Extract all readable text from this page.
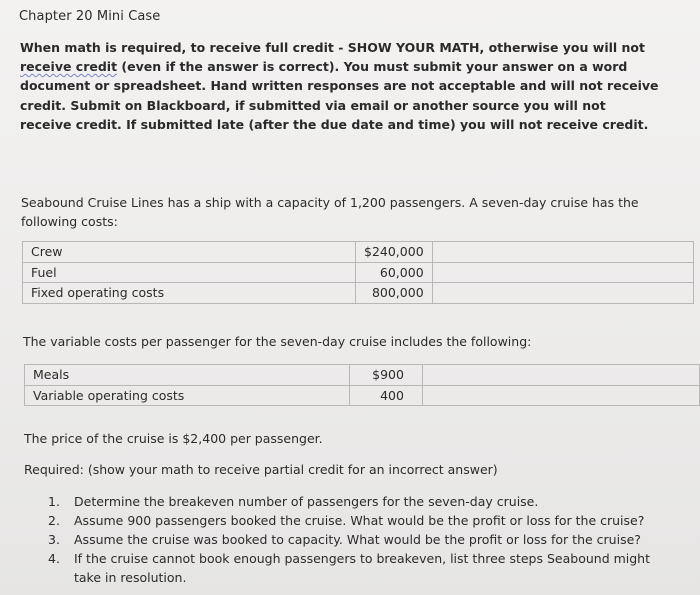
Chapter 20 Mini Case
When math is required, to receive full credit - SHOW YOUR MATH, otherwise you will not receive credit (even if the answer is correct). You must submit your answer on a word document or spreadsheet. Hand written responses are not acceptable and will not receive credit. Submit on Blackboard, if submitted via email or another source you will not receive credit. If submitted late (after the due date and time) you will not receive credit.
Seabound Cruise Lines has a ship with a capacity of 1,200 passengers. A seven-day cruise has the following costs:
Crew	$240,000	
Fuel	60,000	
Fixed operating costs	800,000	
The variable costs per passenger for the seven-day cruise includes the following:
Meals	$900	
Variable operating costs	400	
The price of the cruise is $2,400 per passenger.
Required: (show your math to receive partial credit for an incorrect answer)
1. Determine the breakeven number of passengers for the seven-day cruise.
2. Assume 900 passengers booked the cruise. What would be the profit or loss for the cruise?
3. Assume the cruise was booked to capacity. What would be the profit or loss for the cruise?
4. If the cruise cannot book enough passengers to breakeven, list three steps Seabound might take in resolution.
